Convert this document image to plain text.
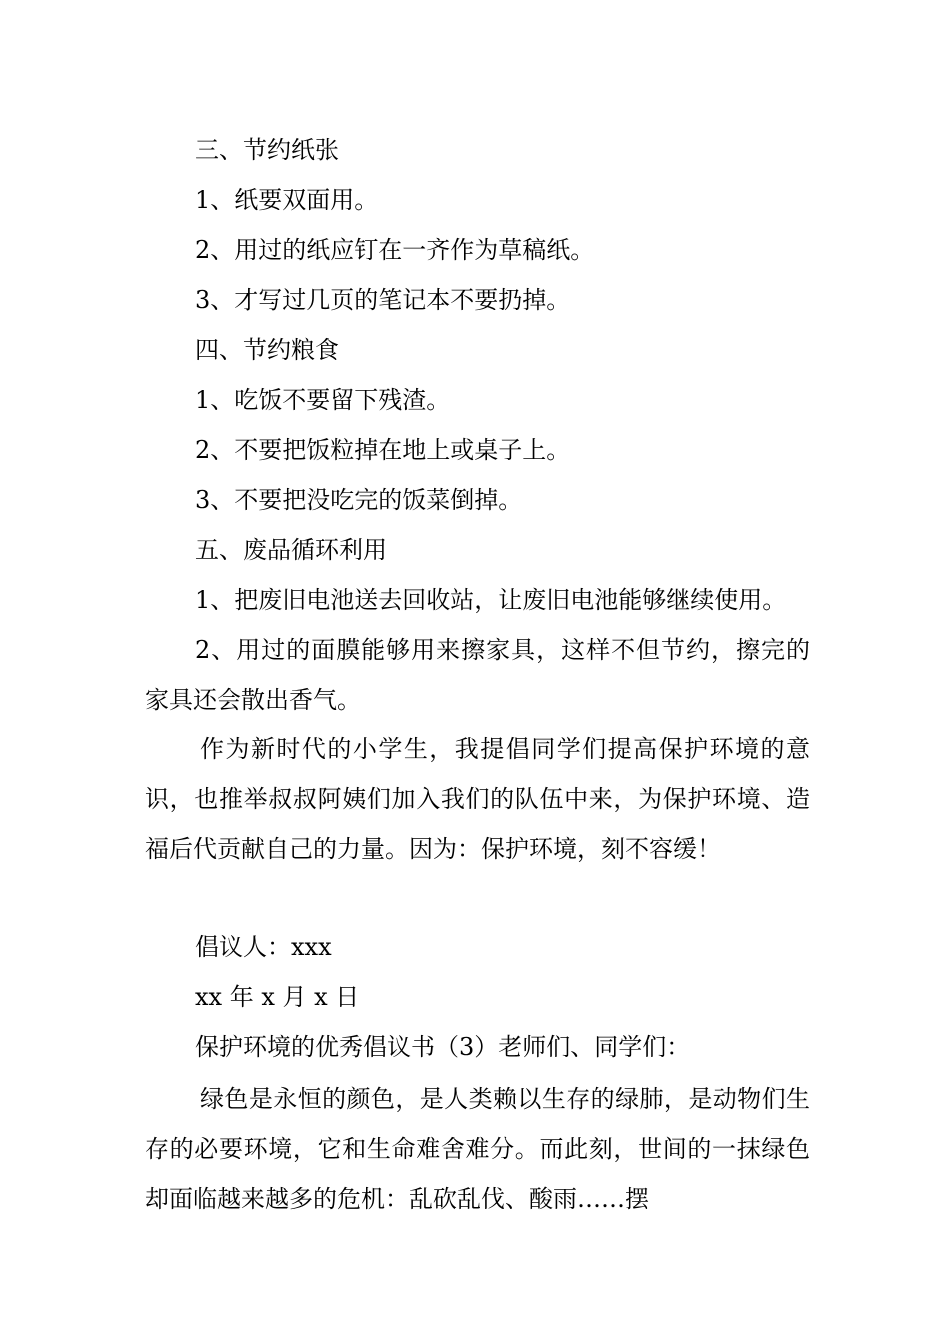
三、节约纸张
1、纸要双面用。
2、用过的纸应钉在一齐作为草稿纸。
3、才写过几页的笔记本不要扔掉。
四、节约粮食
1、吃饭不要留下残渣。
2、不要把饭粒掉在地上或桌子上。
3、不要把没吃完的饭菜倒掉。
五、废品循环利用
1、把废旧电池送去回收站，让废旧电池能够继续使用。
2、用过的面膜能够用来擦家具，这样不但节约，擦完的家具还会散出香气。
作为新时代的小学生，我提倡同学们提高保护环境的意识，也推举叔叔阿姨们加入我们的队伍中来，为保护环境、造福后代贡献自己的力量。因为：保护环境，刻不容缓！
倡议人：xxx
xx 年 x 月 x 日
保护环境的优秀倡议书（3）老师们、同学们：
绿色是永恒的颜色，是人类赖以生存的绿肺，是动物们生存的必要环境，它和生命难舍难分。而此刻，世间的一抹绿色却面临越来越多的危机：乱砍乱伐、酸雨……摆
